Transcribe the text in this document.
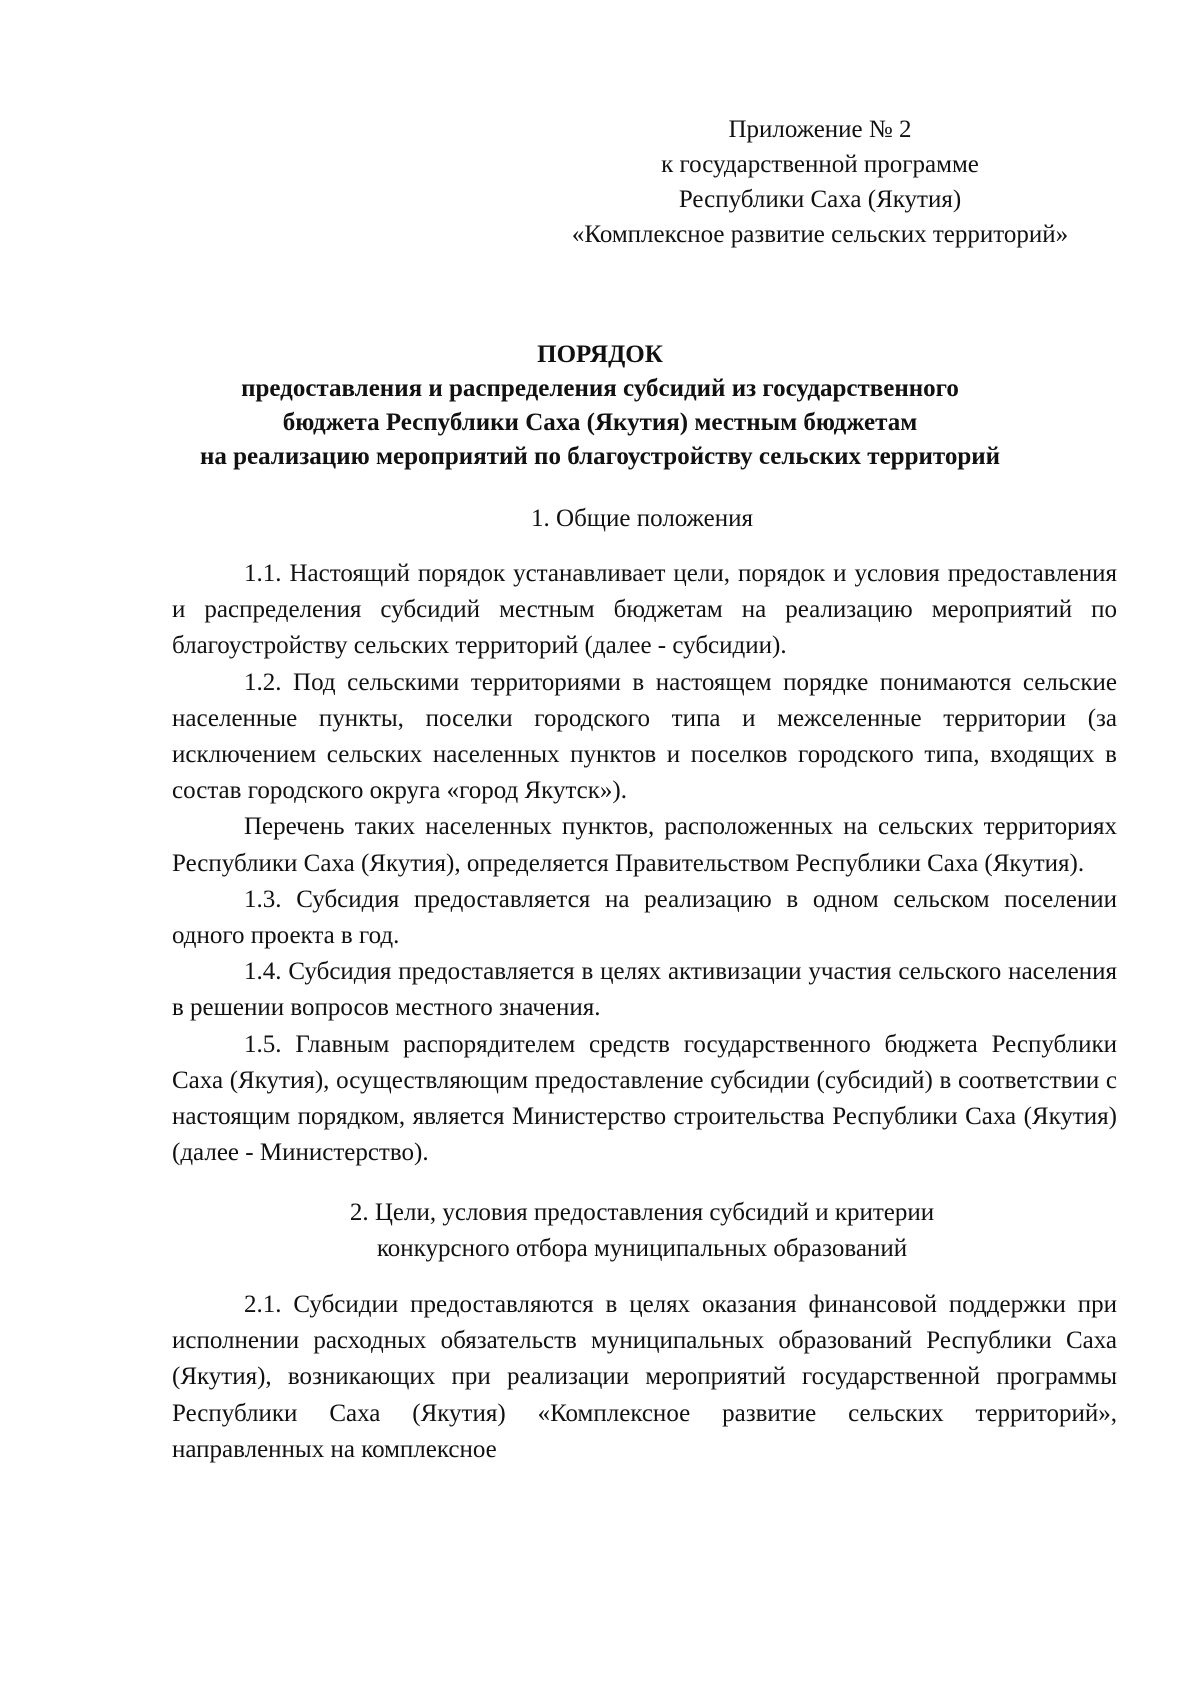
Приложение № 2
к государственной программе
Республики Саха (Якутия)
«Комплексное развитие сельских территорий»
ПОРЯДОК
предоставления и распределения субсидий из государственного
бюджета Республики Саха (Якутия) местным бюджетам
на реализацию мероприятий по благоустройству сельских территорий
1. Общие положения

1.1. Настоящий порядок устанавливает цели, порядок и условия предоставления и распределения субсидий местным бюджетам на реализацию мероприятий по благоустройству сельских территорий (далее - субсидии).

1.2. Под сельскими территориями в настоящем порядке понимаются сельские населенные пункты, поселки городского типа и межселенные территории (за исключением сельских населенных пунктов и поселков городского типа, входящих в состав городского округа «город Якутск»).

Перечень таких населенных пунктов, расположенных на сельских территориях Республики Саха (Якутия), определяется Правительством Республики Саха (Якутия).

1.3. Субсидия предоставляется на реализацию в одном сельском поселении одного проекта в год.

1.4. Субсидия предоставляется в целях активизации участия сельского населения в решении вопросов местного значения.

1.5. Главным распорядителем средств государственного бюджета Республики Саха (Якутия), осуществляющим предоставление субсидии (субсидий) в соответствии с настоящим порядком, является Министерство строительства Республики Саха (Якутия) (далее - Министерство).

2. Цели, условия предоставления субсидий и критерии
конкурсного отбора муниципальных образований

2.1. Субсидии предоставляются в целях оказания финансовой поддержки при исполнении расходных обязательств муниципальных образований Республики Саха (Якутия), возникающих при реализации мероприятий государственной программы Республики Саха (Якутия) «Комплексное развитие сельских территорий», направленных на комплексное
